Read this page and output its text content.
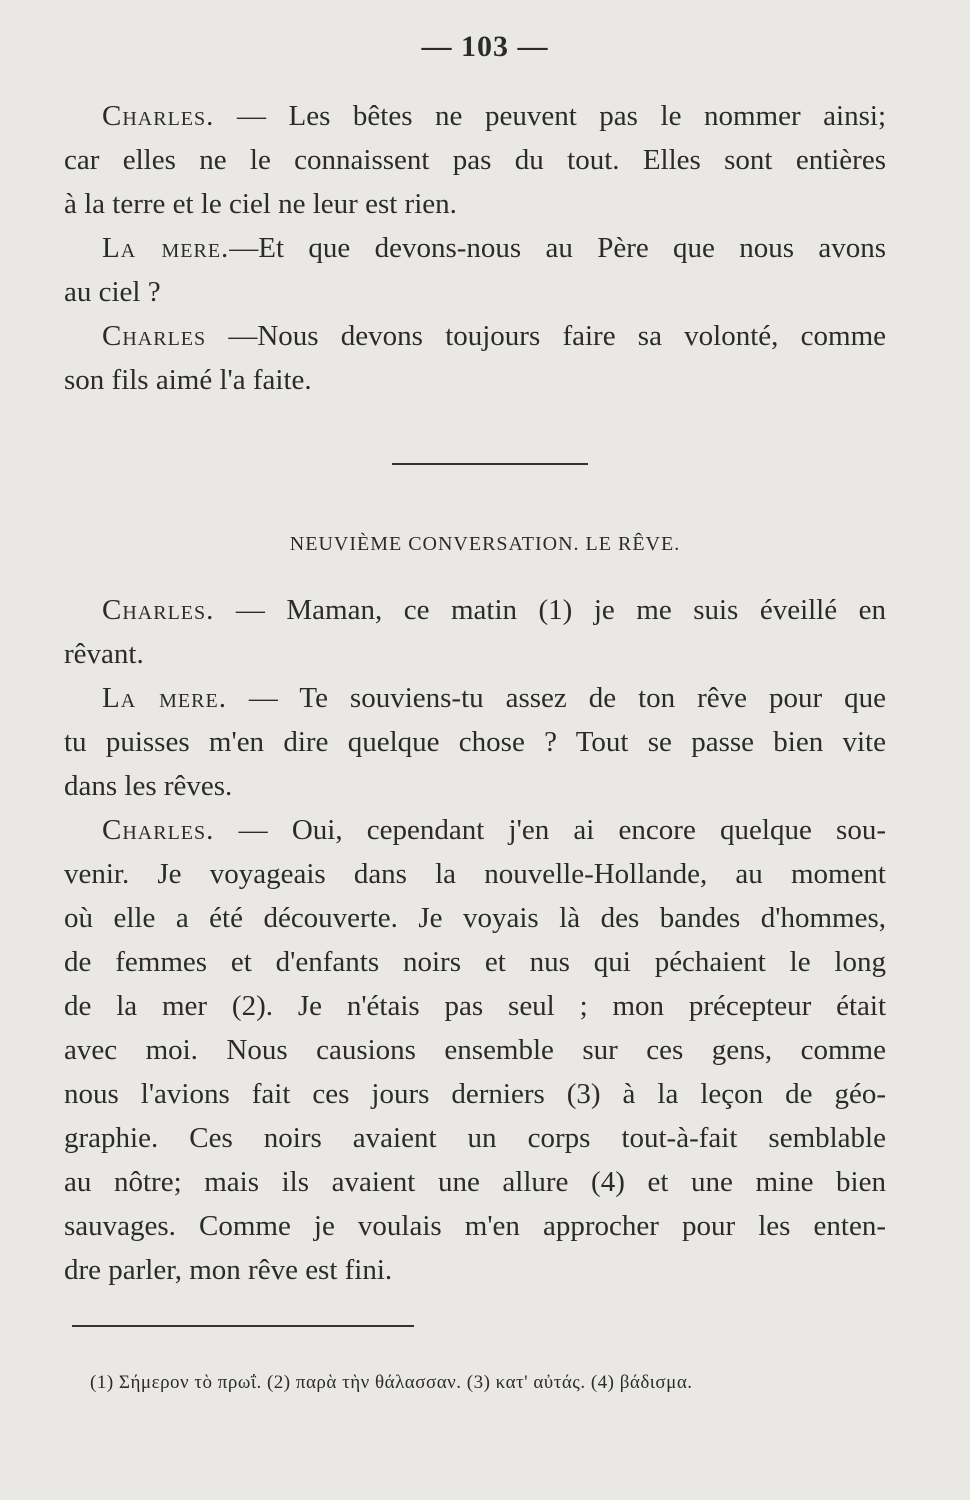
— 103 —
Charles. — Les bêtes ne peuvent pas le nommer ainsi;
car elles ne le connaissent pas du tout. Elles sont entières
à la terre et le ciel ne leur est rien.
La mere.—Et que devons-nous au Père que nous avons
au ciel ?
Charles —Nous devons toujours faire sa volonté, comme
son fils aimé l'a faite.
NEUVIÈME CONVERSATION. LE RÊVE.
Charles. — Maman, ce matin (1) je me suis éveillé en
rêvant.
La mere. — Te souviens-tu assez de ton rêve pour que
tu puisses m'en dire quelque chose ? Tout se passe bien vite
dans les rêves.
Charles. — Oui, cependant j'en ai encore quelque sou-
venir. Je voyageais dans la nouvelle-Hollande, au moment
où elle a été découverte. Je voyais là des bandes d'hommes,
de femmes et d'enfants noirs et nus qui péchaient le long
de la mer (2). Je n'étais pas seul ; mon précepteur était
avec moi. Nous causions ensemble sur ces gens, comme
nous l'avions fait ces jours derniers (3) à la leçon de géo-
graphie. Ces noirs avaient un corps tout-à-fait semblable
au nôtre; mais ils avaient une allure (4) et une mine bien
sauvages. Comme je voulais m'en approcher pour les enten-
dre parler, mon rêve est fini.
(1) Σήμερον τὸ πρωΐ. (2) παρὰ τὴν θάλασσαν. (3) κατ' αὐτάς. (4) βάδισμα.
